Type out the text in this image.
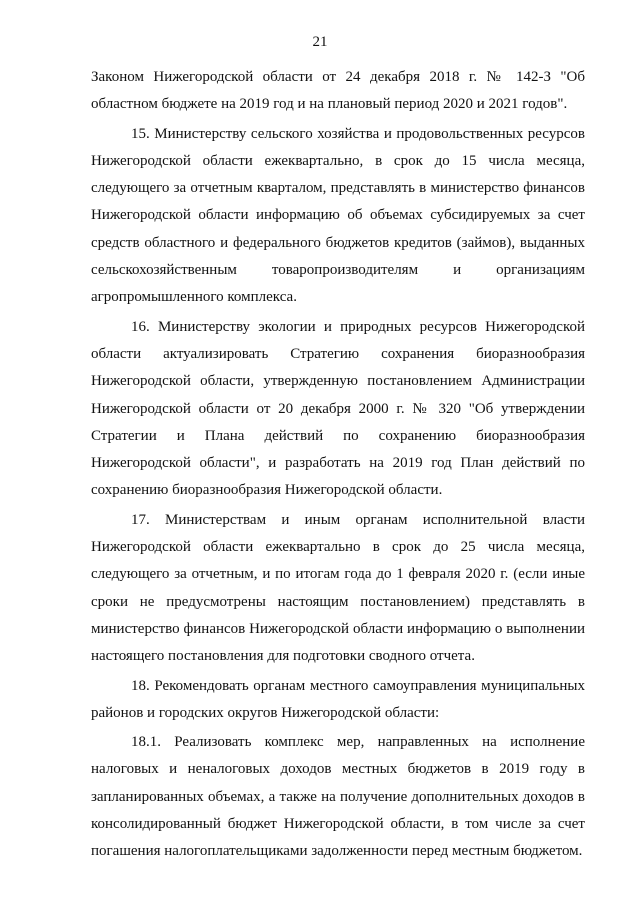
21

Законом Нижегородской области от 24 декабря 2018 г. № 142-З "Об областном бюджете на 2019 год и на плановый период 2020 и 2021 годов".

15. Министерству сельского хозяйства и продовольственных ресурсов Нижегородской области ежеквартально, в срок до 15 числа месяца, следующего за отчетным кварталом, представлять в министерство финансов Нижегородской области информацию об объемах субсидируемых за счет средств областного и федерального бюджетов кредитов (займов), выданных сельскохозяйственным товаропроизводителям и организациям агропромышленного комплекса.

16. Министерству экологии и природных ресурсов Нижегородской области актуализировать Стратегию сохранения биоразнообразия Нижегородской области, утвержденную постановлением Администрации Нижегородской области от 20 декабря 2000 г. № 320 "Об утверждении Стратегии и Плана действий по сохранению биоразнообразия Нижегородской области", и разработать на 2019 год План действий по сохранению биоразнообразия Нижегородской области.

17. Министерствам и иным органам исполнительной власти Нижегородской области ежеквартально в срок до 25 числа месяца, следующего за отчетным, и по итогам года до 1 февраля 2020 г. (если иные сроки не предусмотрены настоящим постановлением) представлять в министерство финансов Нижегородской области информацию о выполнении настоящего постановления для подготовки сводного отчета.

18. Рекомендовать органам местного самоуправления муниципальных районов и городских округов Нижегородской области:

18.1. Реализовать комплекс мер, направленных на исполнение налоговых и неналоговых доходов местных бюджетов в 2019 году в запланированных объемах, а также на получение дополнительных доходов в консолидированный бюджет Нижегородской области, в том числе за счет погашения налогоплательщиками задолженности перед местным бюджетом.
